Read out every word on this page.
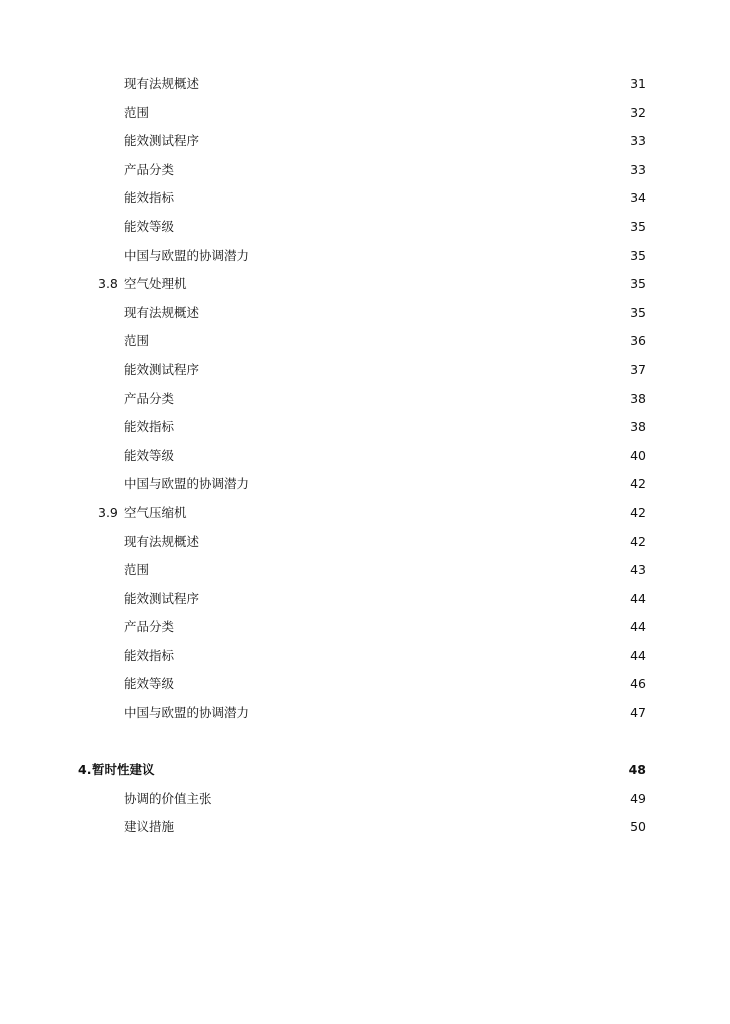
现有法规概述	31
范围	32
能效测试程序	33
产品分类	33
能效指标	34
能效等级	35
中国与欧盟的协调潜力	35
3.8 空气处理机	35
现有法规概述	35
范围	36
能效测试程序	37
产品分类	38
能效指标	38
能效等级	40
中国与欧盟的协调潜力	42
3.9 空气压缩机	42
现有法规概述	42
范围	43
能效测试程序	44
产品分类	44
能效指标	44
能效等级	46
中国与欧盟的协调潜力	47
4. 暂时性建议	48
协调的价值主张	49
建议措施	50
